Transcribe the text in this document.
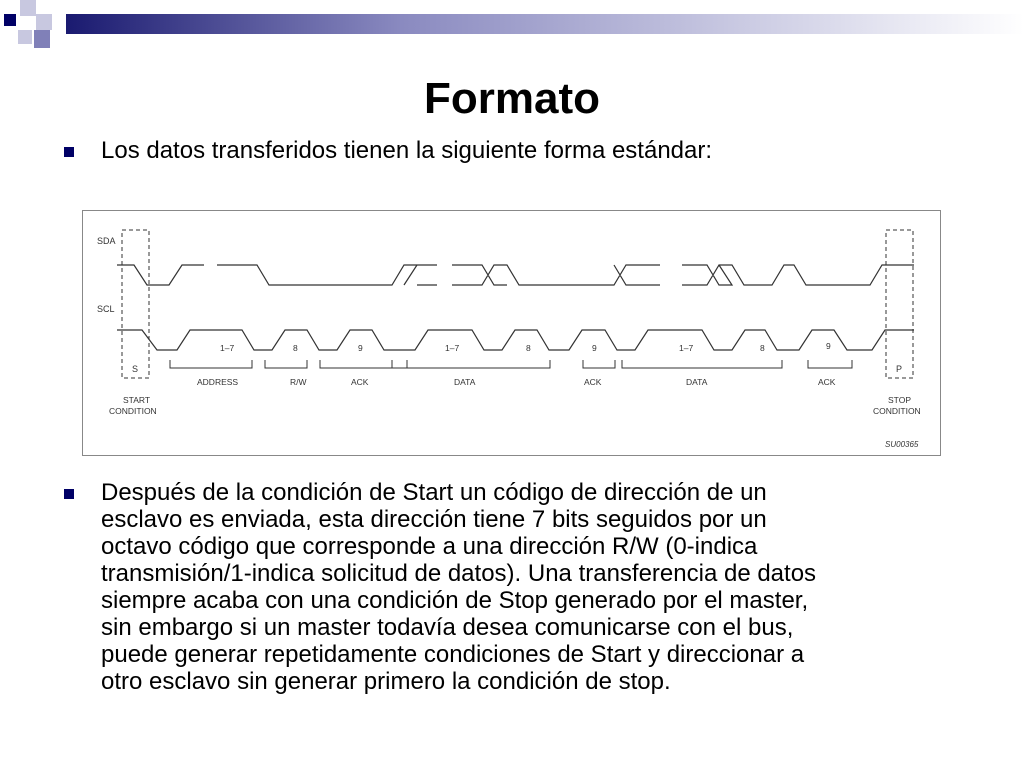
Formato
Los datos transferidos tienen la siguiente forma estándar:
SDA
SCL
1–7	8	9	1–7	8	9	1–7	8	9
S	P
ADDRESS	R/W	ACK	DATA	ACK	DATA	ACK
START
CONDITION
STOP
CONDITION
SU00365
Después de la condición de Start un código de dirección de un
esclavo es enviada, esta dirección tiene 7 bits seguidos por un
octavo código que corresponde a una dirección R/W (0-indica
transmisión/1-indica solicitud de datos). Una transferencia de datos
siempre acaba con una condición de Stop generado por el master,
sin embargo si un master todavía desea comunicarse con el bus,
puede generar repetidamente condiciones de Start y direccionar a
otro esclavo sin generar primero la condición de stop.
